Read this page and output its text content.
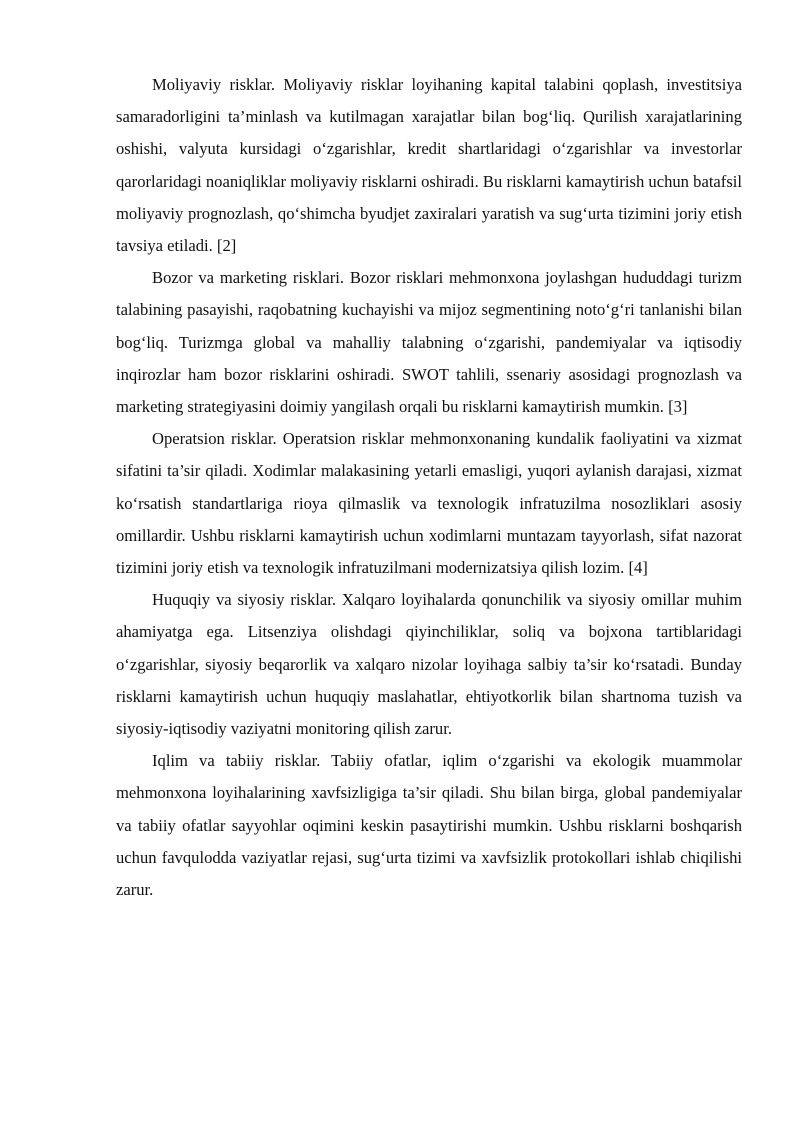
Moliyaviy risklar. Moliyaviy risklar loyihaning kapital talabini qoplash, investitsiya samaradorligini ta’minlash va kutilmagan xarajatlar bilan bog‘liq. Qurilish xarajatlarining oshishi, valyuta kursidagi o‘zgarishlar, kredit shartlaridagi o‘zgarishlar va investorlar qarorlaridagi noaniqliklar moliyaviy risklarni oshiradi. Bu risklarni kamaytirish uchun batafsil moliyaviy prognozlash, qo‘shimcha byudjet zaxiralari yaratish va sug‘urta tizimini joriy etish tavsiya etiladi. [2]

Bozor va marketing risklari. Bozor risklari mehmonxona joylashgan hududdagi turizm talabining pasayishi, raqobatning kuchayishi va mijoz segmentining noto‘g‘ri tanlanishi bilan bog‘liq. Turizmga global va mahalliy talabning o‘zgarishi, pandemiyalar va iqtisodiy inqirozlar ham bozor risklarini oshiradi. SWOT tahlili, ssenariy asosidagi prognozlash va marketing strategiyasini doimiy yangilash orqali bu risklarni kamaytirish mumkin. [3]

Operatsion risklar. Operatsion risklar mehmonxonaning kundalik faoliyatini va xizmat sifatini ta’sir qiladi. Xodimlar malakasining yetarli emasligi, yuqori aylanish darajasi, xizmat ko‘rsatish standartlariga rioya qilmaslik va texnologik infratuzilma nosozliklari asosiy omillardir. Ushbu risklarni kamaytirish uchun xodimlarni muntazam tayyorlash, sifat nazorat tizimini joriy etish va texnologik infratuzilmani modernizatsiya qilish lozim. [4]

Huquqiy va siyosiy risklar. Xalqaro loyihalarda qonunchilik va siyosiy omillar muhim ahamiyatga ega. Litsenziya olishdagi qiyinchiliklar, soliq va bojxona tartiblaridagi o‘zgarishlar, siyosiy beqarorlik va xalqaro nizolar loyihaga salbiy ta’sir ko‘rsatadi. Bunday risklarni kamaytirish uchun huquqiy maslahatlar, ehtiyotkorlik bilan shartnoma tuzish va siyosiy-iqtisodiy vaziyatni monitoring qilish zarur.

Iqlim va tabiiy risklar. Tabiiy ofatlar, iqlim o‘zgarishi va ekologik muammolar mehmonxona loyihalarining xavfsizligiga ta’sir qiladi. Shu bilan birga, global pandemiyalar va tabiiy ofatlar sayyohlar oqimini keskin pasaytirishi mumkin. Ushbu risklarni boshqarish uchun favqulodda vaziyatlar rejasi, sug‘urta tizimi va xavfsizlik protokollari ishlab chiqilishi zarur.
